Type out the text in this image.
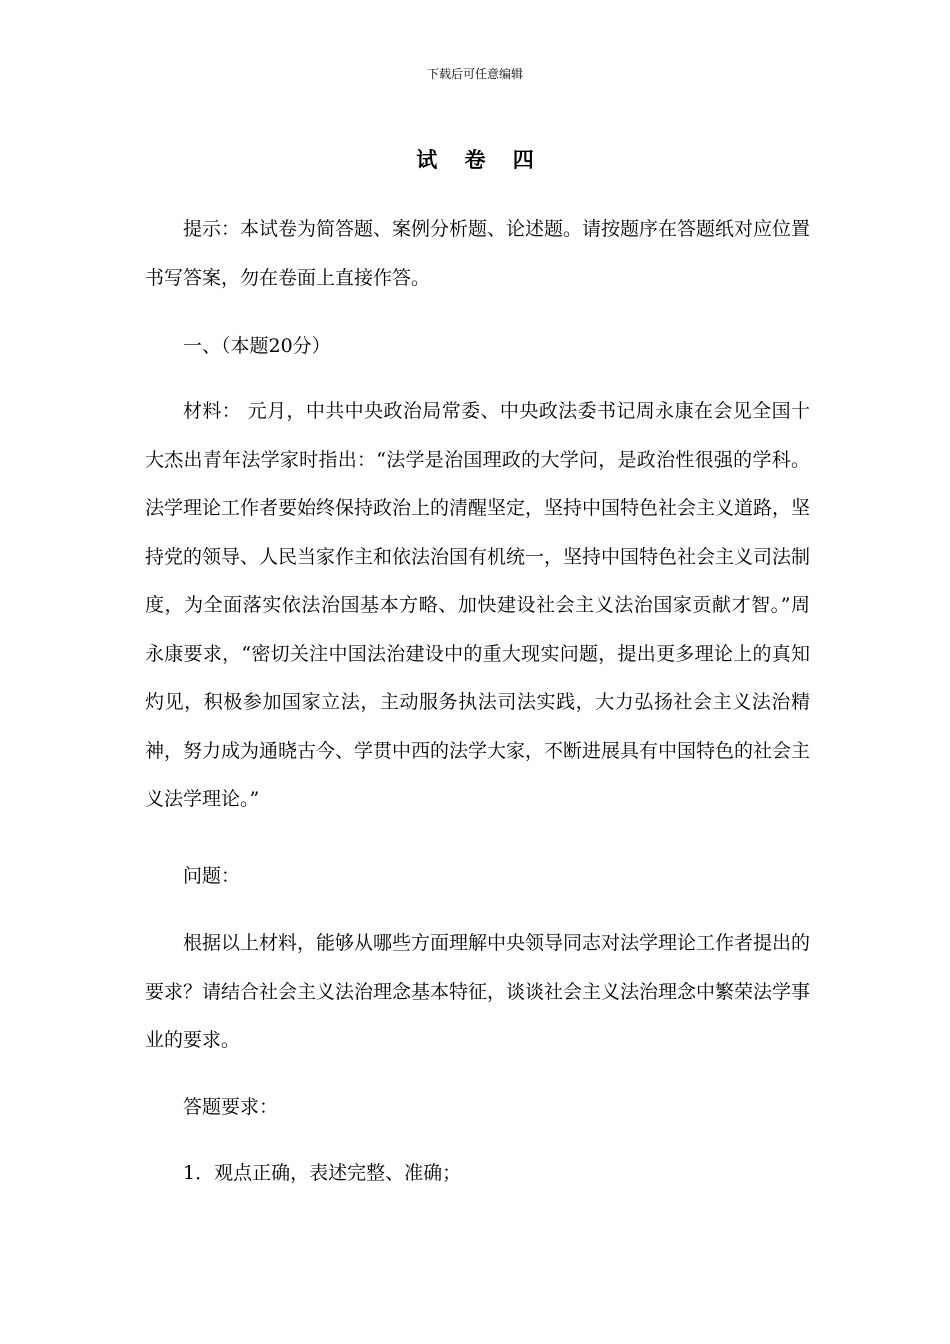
下载后可任意编辑
试 卷 四

提示：本试卷为简答题、案例分析题、论述题。请按题序在答题纸对应位置书写答案，勿在卷面上直接作答。

一、（本题20分）

材料： 元月，中共中央政治局常委、中央政法委书记周永康在会见全国十大杰出青年法学家时指出：“法学是治国理政的大学问，是政治性很强的学科。法学理论工作者要始终保持政治上的清醒坚定，坚持中国特色社会主义道路，坚持党的领导、人民当家作主和依法治国有机统一，坚持中国特色社会主义司法制度，为全面落实依法治国基本方略、加快建设社会主义法治国家贡献才智。”周永康要求，“密切关注中国法治建设中的重大现实问题，提出更多理论上的真知灼见，积极参加国家立法，主动服务执法司法实践，大力弘扬社会主义法治精神，努力成为通晓古今、学贯中西的法学大家，不断进展具有中国特色的社会主义法学理论。”

问题：

根据以上材料，能够从哪些方面理解中央领导同志对法学理论工作者提出的要求？请结合社会主义法治理念基本特征，谈谈社会主义法治理念中繁荣法学事业的要求。

答题要求：

1．观点正确，表述完整、准确；
